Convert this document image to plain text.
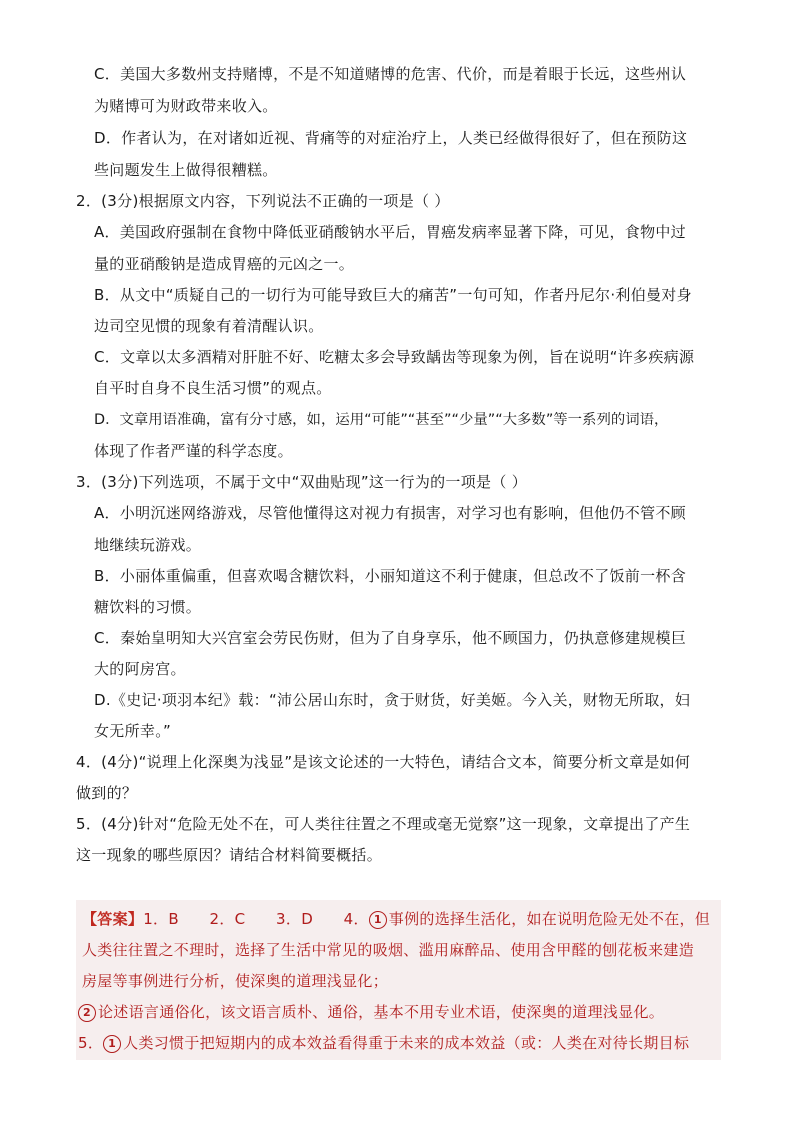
C．美国大多数州支持赌博，不是不知道赌博的危害、代价，而是着眼于长远，这些州认
为赌博可为财政带来收入。
D．作者认为，在对诸如近视、背痛等的对症治疗上，人类已经做得很好了，但在预防这
些问题发生上做得很糟糕。
2．(3分)根据原文内容，下列说法不正确的一项是（ ）
A．美国政府强制在食物中降低亚硝酸钠水平后，胃癌发病率显著下降，可见，食物中过
量的亚硝酸钠是造成胃癌的元凶之一。
B．从文中“质疑自己的一切行为可能导致巨大的痛苦”一句可知，作者丹尼尔·利伯曼对身
边司空见惯的现象有着清醒认识。
C．文章以太多酒精对肝脏不好、吃糖太多会导致龋齿等现象为例，旨在说明“许多疾病源
自平时自身不良生活习惯”的观点。
D．文章用语准确，富有分寸感，如，运用“可能”“甚至”“少量”“大多数”等一系列的词语，
体现了作者严谨的科学态度。
3．(3分)下列选项，不属于文中“双曲贴现”这一行为的一项是（ ）
A．小明沉迷网络游戏，尽管他懂得这对视力有损害，对学习也有影响，但他仍不管不顾
地继续玩游戏。
B．小丽体重偏重，但喜欢喝含糖饮料，小丽知道这不利于健康，但总改不了饭前一杯含
糖饮料的习惯。
C．秦始皇明知大兴宫室会劳民伤财，但为了自身享乐，他不顾国力，仍执意修建规模巨
大的阿房宫。
D.《史记·项羽本纪》载：“沛公居山东时，贪于财货，好美姬。今入关，财物无所取，妇
女无所幸。”
4．(4分)“说理上化深奥为浅显”是该文论述的一大特色，请结合文本，简要分析文章是如何
做到的？
5．(4分)针对“危险无处不在，可人类往往置之不理或毫无觉察”这一现象，文章提出了产生
这一现象的哪些原因？请结合材料简要概括。
【答案】1．B　　2．C　　3．D　　4． 1 事例的选择生活化，如在说明危险无处不在，但
人类往往置之不理时，选择了生活中常见的吸烟、滥用麻醉品、使用含甲醛的刨花板来建造
房屋等事例进行分析，使深奥的道理浅显化；
2 论述语言通俗化，该文语言质朴、通俗，基本不用专业术语，使深奥的道理浅显化。
5． 1 人类习惯于把短期内的成本效益看得重于未来的成本效益（或：人类在对待长期目标
